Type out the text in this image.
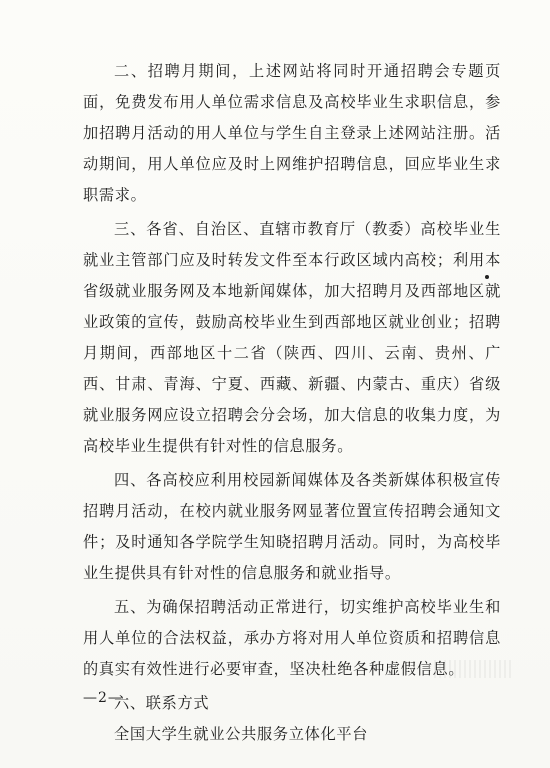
二、招聘月期间，上述网站将同时开通招聘会专题页面，免费发布用人单位需求信息及高校毕业生求职信息，参加招聘月活动的用人单位与学生自主登录上述网站注册。活动期间，用人单位应及时上网维护招聘信息，回应毕业生求职需求。

三、各省、自治区、直辖市教育厅（教委）高校毕业生就业主管部门应及时转发文件至本行政区域内高校；利用本省级就业服务网及本地新闻媒体，加大招聘月及西部地区就业政策的宣传，鼓励高校毕业生到西部地区就业创业；招聘月期间，西部地区十二省（陕西、四川、云南、贵州、广西、甘肃、青海、宁夏、西藏、新疆、内蒙古、重庆）省级就业服务网应设立招聘会分会场，加大信息的收集力度，为高校毕业生提供有针对性的信息服务。

四、各高校应利用校园新闻媒体及各类新媒体积极宣传招聘月活动，在校内就业服务网显著位置宣传招聘会通知文件；及时通知各学院学生知晓招聘月活动。同时，为高校毕业生提供具有针对性的信息服务和就业指导。

五、为确保招聘活动正常进行，切实维护高校毕业生和用人单位的合法权益，承办方将对用人单位资质和招聘信息的真实有效性进行必要审查，坚决杜绝各种虚假信息。

六、联系方式

全国大学生就业公共服务立体化平台

—2—
